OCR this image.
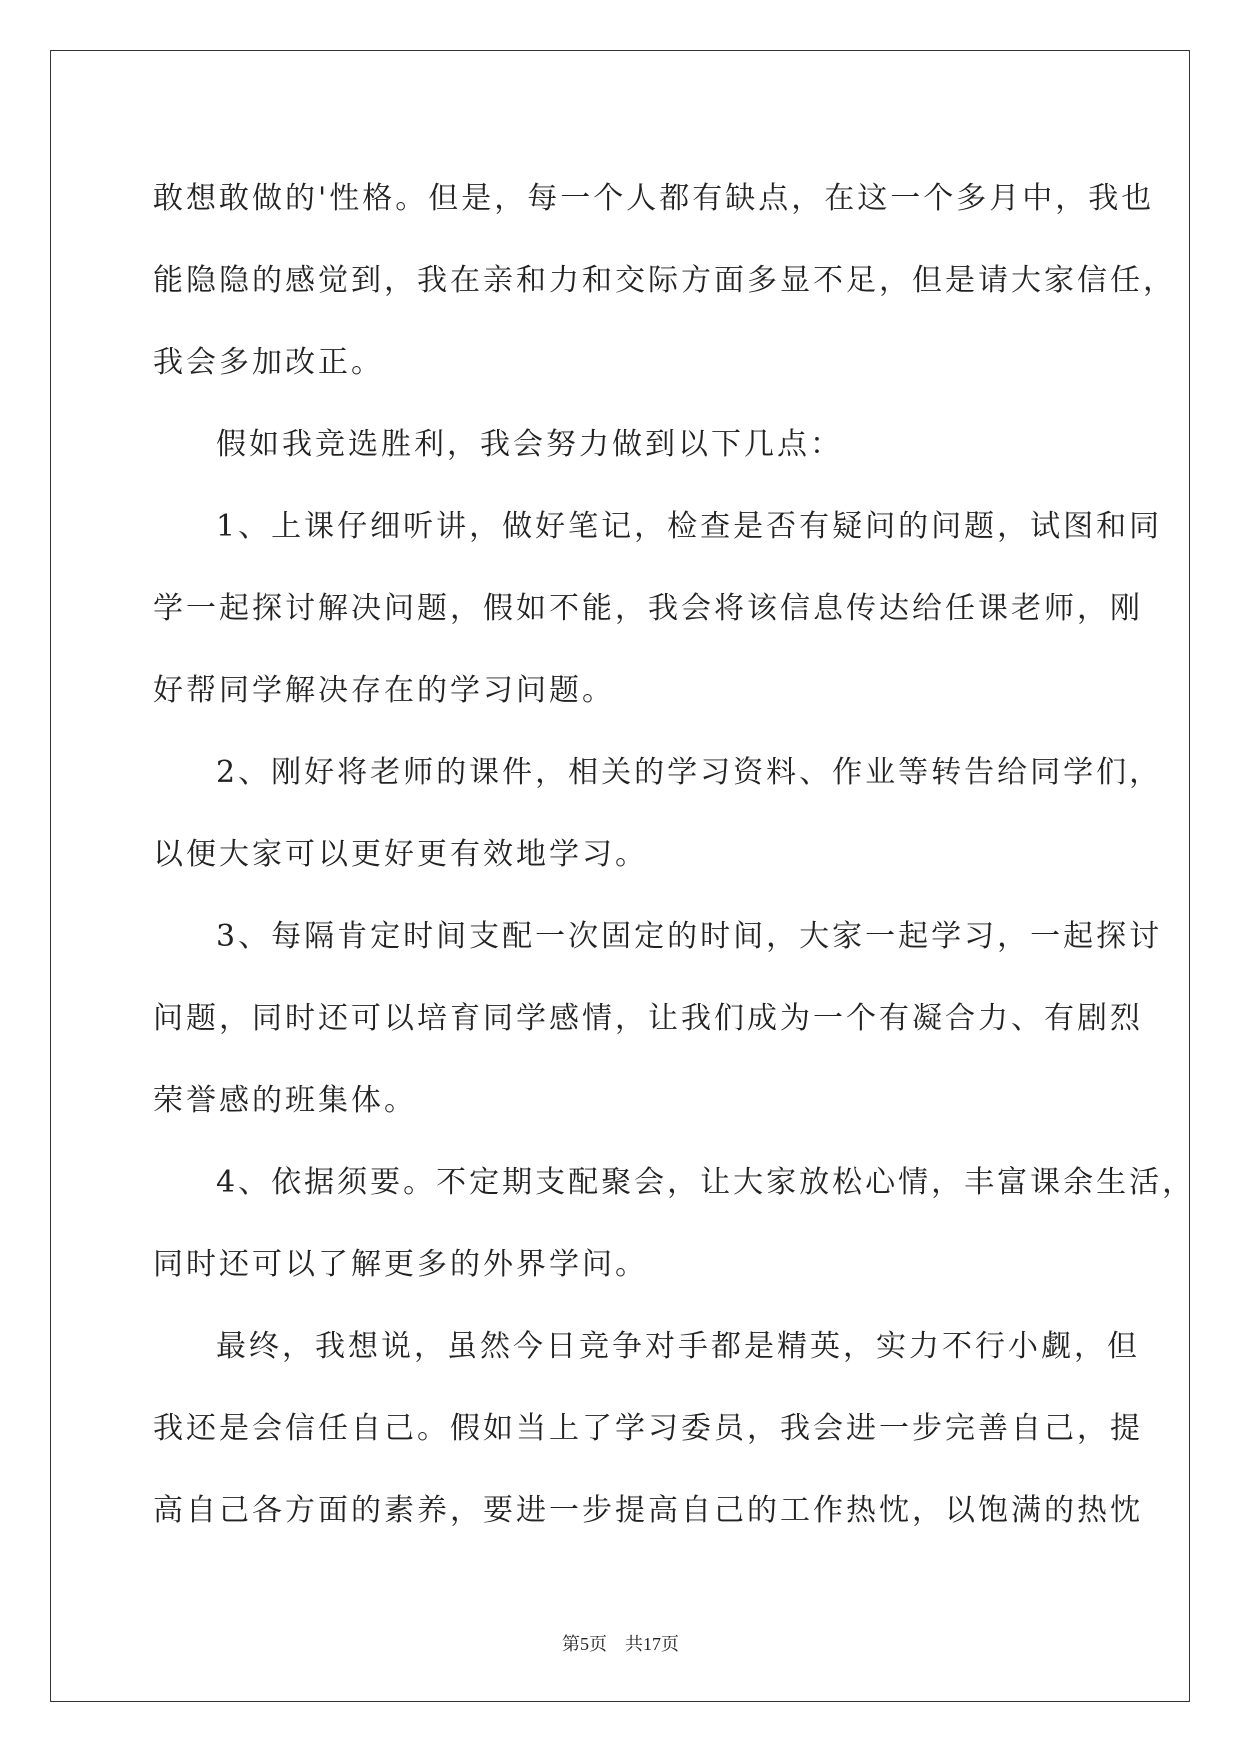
敢想敢做的'性格。但是，每一个人都有缺点，在这一个多月中，我也
能隐隐的感觉到，我在亲和力和交际方面多显不足，但是请大家信任，
我会多加改正。
假如我竞选胜利，我会努力做到以下几点：
1、上课仔细听讲，做好笔记，检查是否有疑问的问题，试图和同
学一起探讨解决问题，假如不能，我会将该信息传达给任课老师，刚
好帮同学解决存在的学习问题。
2、刚好将老师的课件，相关的学习资料、作业等转告给同学们，
以便大家可以更好更有效地学习。
3、每隔肯定时间支配一次固定的时间，大家一起学习，一起探讨
问题，同时还可以培育同学感情，让我们成为一个有凝合力、有剧烈
荣誉感的班集体。
4、依据须要。不定期支配聚会，让大家放松心情，丰富课余生活，
同时还可以了解更多的外界学问。
最终，我想说，虽然今日竞争对手都是精英，实力不行小觑，但
我还是会信任自己。假如当上了学习委员，我会进一步完善自己，提
高自己各方面的素养，要进一步提高自己的工作热忱，以饱满的热忱
第5页　共17页
